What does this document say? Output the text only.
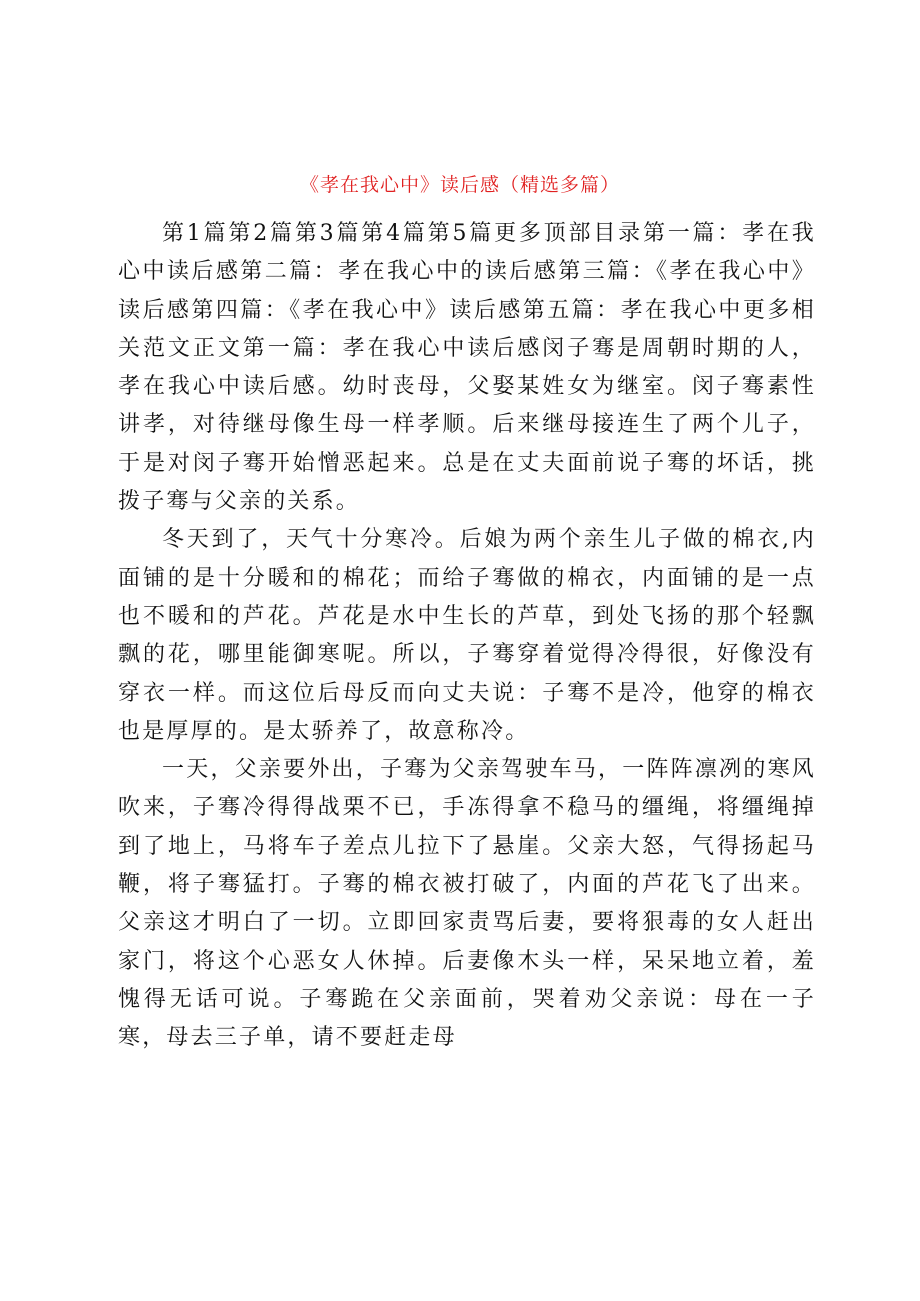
《孝在我心中》读后感（精选多篇）

第1篇第2篇第3篇第4篇第5篇更多顶部目录第一篇：孝在我心中读后感第二篇：孝在我心中的读后感第三篇：《孝在我心中》读后感第四篇：《孝在我心中》读后感第五篇：孝在我心中更多相关范文正文第一篇：孝在我心中读后感闵子骞是周朝时期的人，孝在我心中读后感。幼时丧母，父娶某姓女为继室。闵子骞素性讲孝，对待继母像生母一样孝顺。后来继母接连生了两个儿子，于是对闵子骞开始憎恶起来。总是在丈夫面前说子骞的坏话，挑拨子骞与父亲的关系。

冬天到了，天气十分寒冷。后娘为两个亲生儿子做的棉衣,内面铺的是十分暖和的棉花；而给子骞做的棉衣，内面铺的是一点也不暖和的芦花。芦花是水中生长的芦草，到处飞扬的那个轻飘飘的花，哪里能御寒呢。所以，子骞穿着觉得冷得很，好像没有穿衣一样。而这位后母反而向丈夫说：子骞不是冷，他穿的棉衣也是厚厚的。是太骄养了，故意称冷。

一天，父亲要外出，子骞为父亲驾驶车马，一阵阵凛冽的寒风吹来，子骞冷得得战栗不已，手冻得拿不稳马的缰绳，将缰绳掉到了地上，马将车子差点儿拉下了悬崖。父亲大怒，气得扬起马鞭，将子骞猛打。子骞的棉衣被打破了，内面的芦花飞了出来。父亲这才明白了一切。立即回家责骂后妻，要将狠毒的女人赶出家门，将这个心恶女人休掉。后妻像木头一样，呆呆地立着，羞愧得无话可说。子骞跪在父亲面前，哭着劝父亲说：母在一子寒，母去三子单，请不要赶走母
